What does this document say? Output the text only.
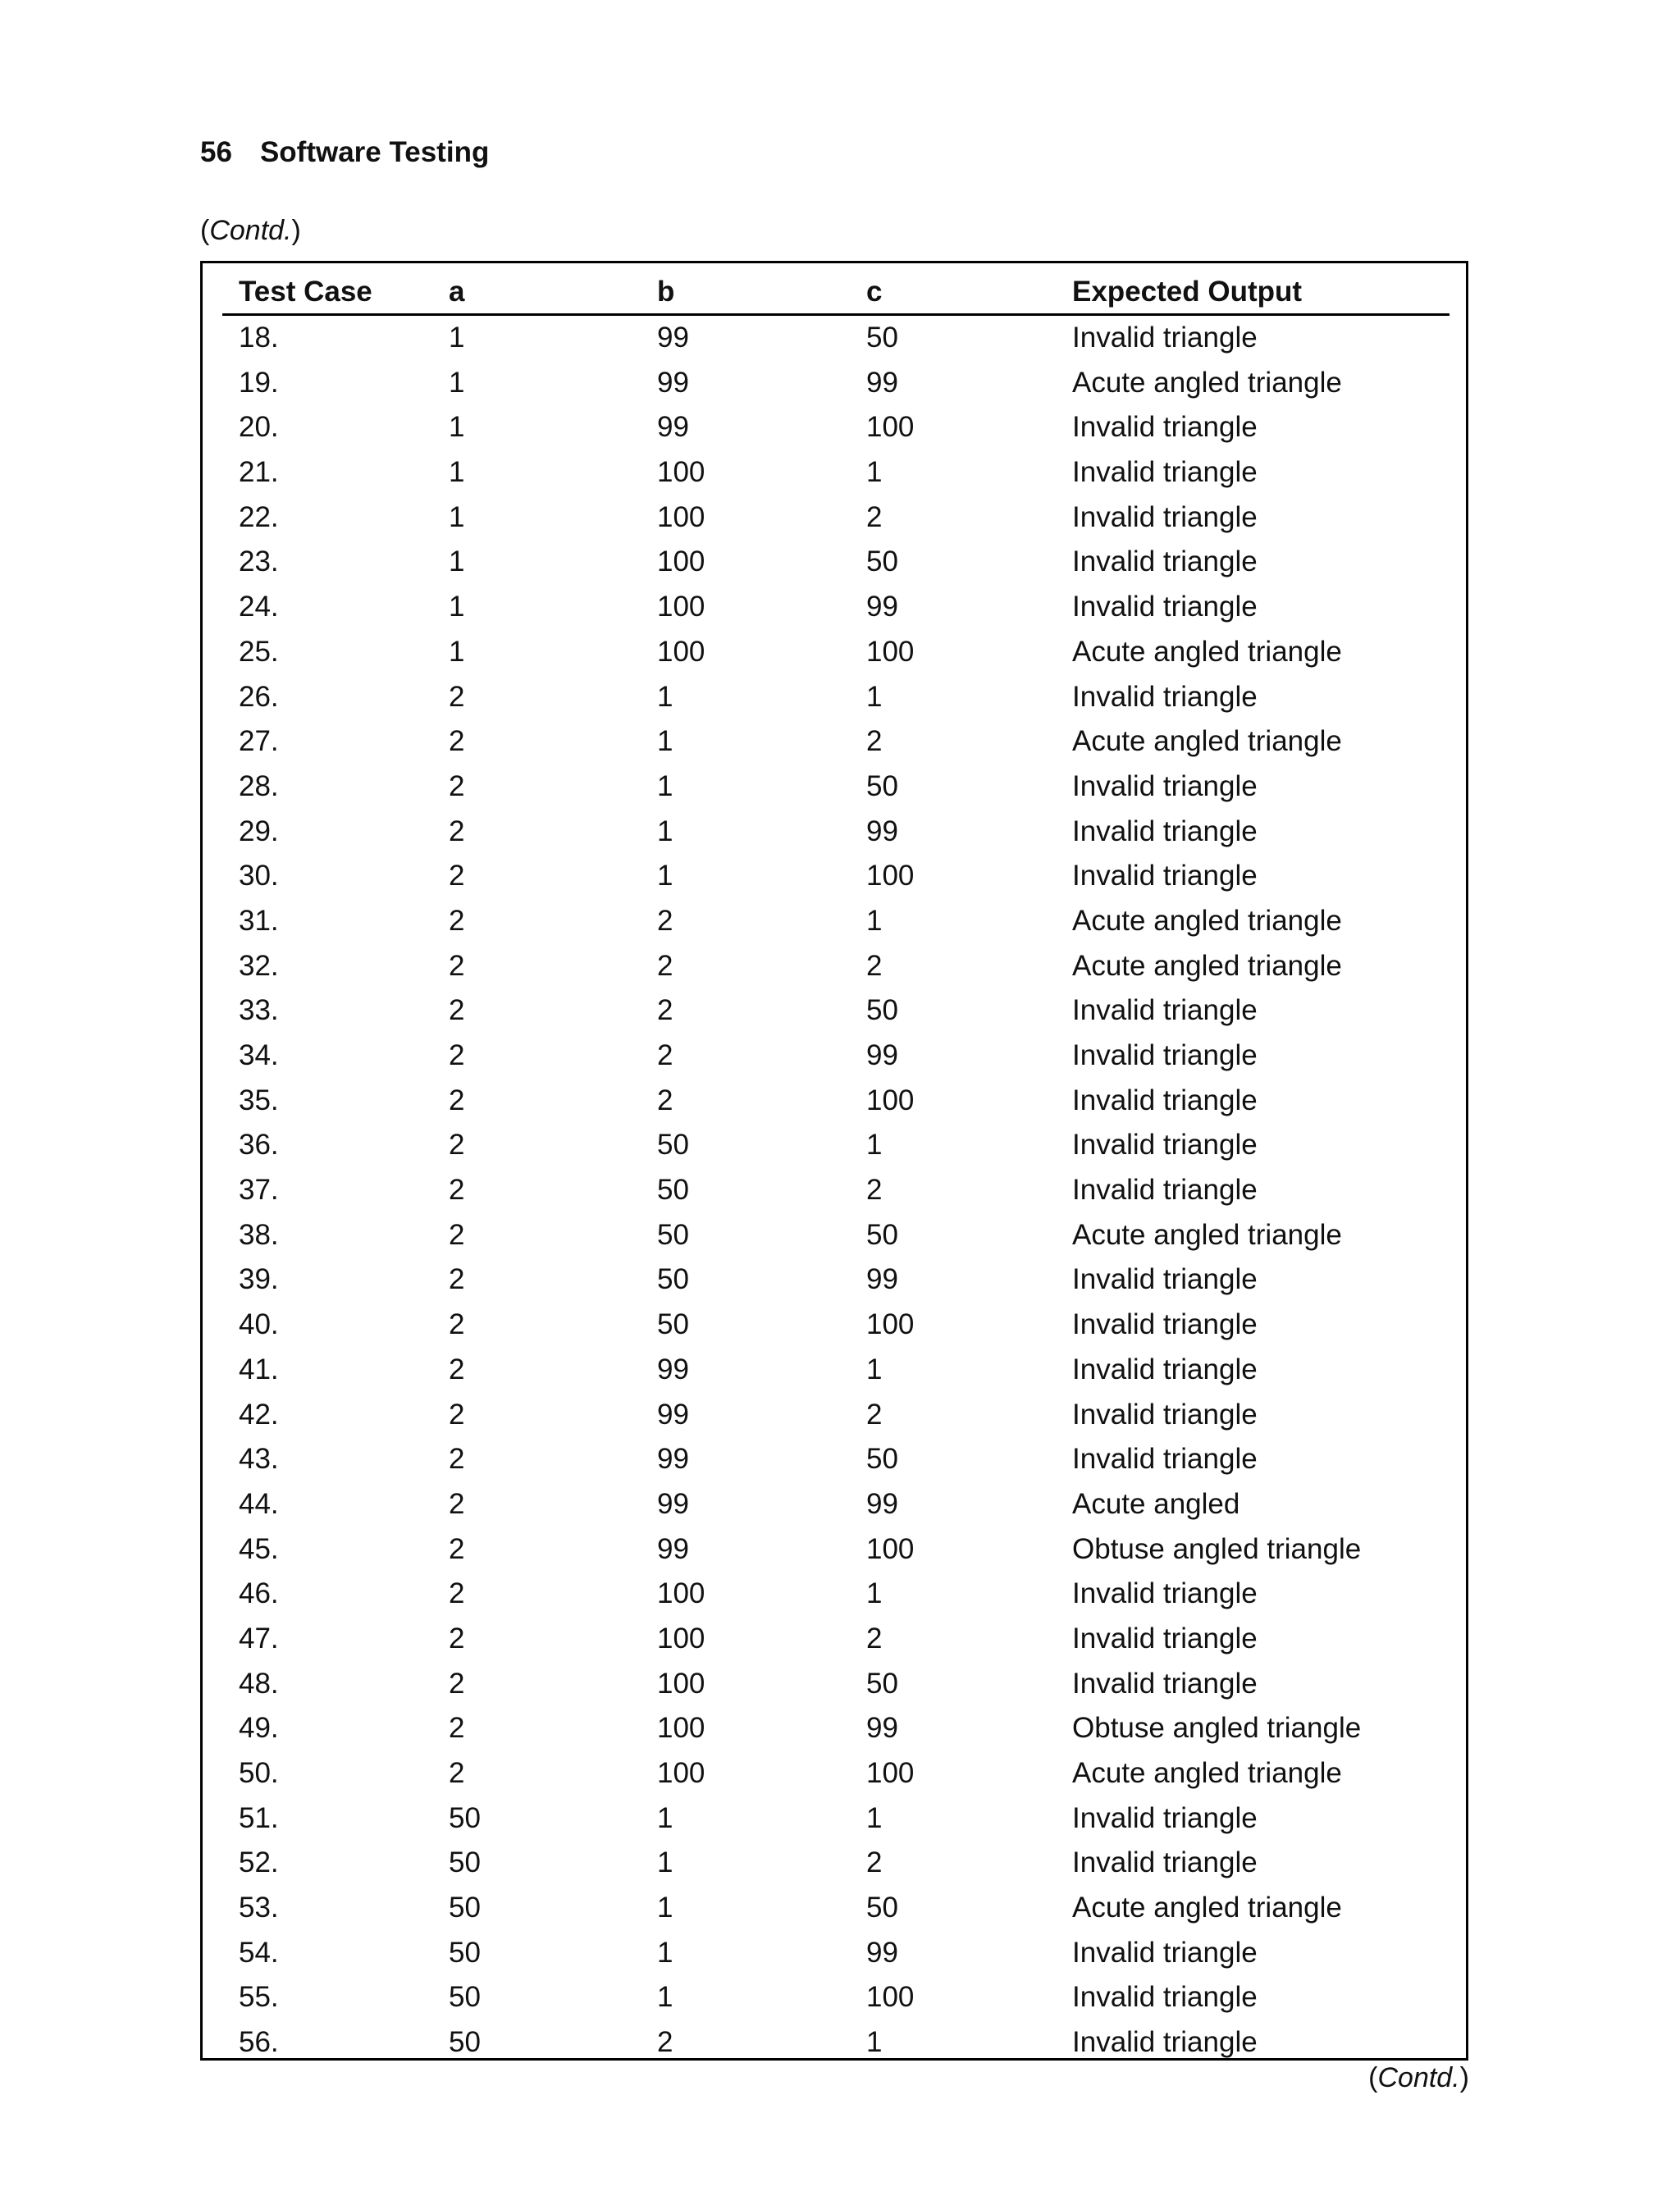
56 Software Testing
(Contd.)
Test Case	a	b	c	Expected Output
18.	1	99	50	Invalid triangle
19.	1	99	99	Acute angled triangle
20.	1	99	100	Invalid triangle
21.	1	100	1	Invalid triangle
22.	1	100	2	Invalid triangle
23.	1	100	50	Invalid triangle
24.	1	100	99	Invalid triangle
25.	1	100	100	Acute angled triangle
26.	2	1	1	Invalid triangle
27.	2	1	2	Acute angled triangle
28.	2	1	50	Invalid triangle
29.	2	1	99	Invalid triangle
30.	2	1	100	Invalid triangle
31.	2	2	1	Acute angled triangle
32.	2	2	2	Acute angled triangle
33.	2	2	50	Invalid triangle
34.	2	2	99	Invalid triangle
35.	2	2	100	Invalid triangle
36.	2	50	1	Invalid triangle
37.	2	50	2	Invalid triangle
38.	2	50	50	Acute angled triangle
39.	2	50	99	Invalid triangle
40.	2	50	100	Invalid triangle
41.	2	99	1	Invalid triangle
42.	2	99	2	Invalid triangle
43.	2	99	50	Invalid triangle
44.	2	99	99	Acute angled
45.	2	99	100	Obtuse angled triangle
46.	2	100	1	Invalid triangle
47.	2	100	2	Invalid triangle
48.	2	100	50	Invalid triangle
49.	2	100	99	Obtuse angled triangle
50.	2	100	100	Acute angled triangle
51.	50	1	1	Invalid triangle
52.	50	1	2	Invalid triangle
53.	50	1	50	Acute angled triangle
54.	50	1	99	Invalid triangle
55.	50	1	100	Invalid triangle
56.	50	2	1	Invalid triangle
(Contd.)
